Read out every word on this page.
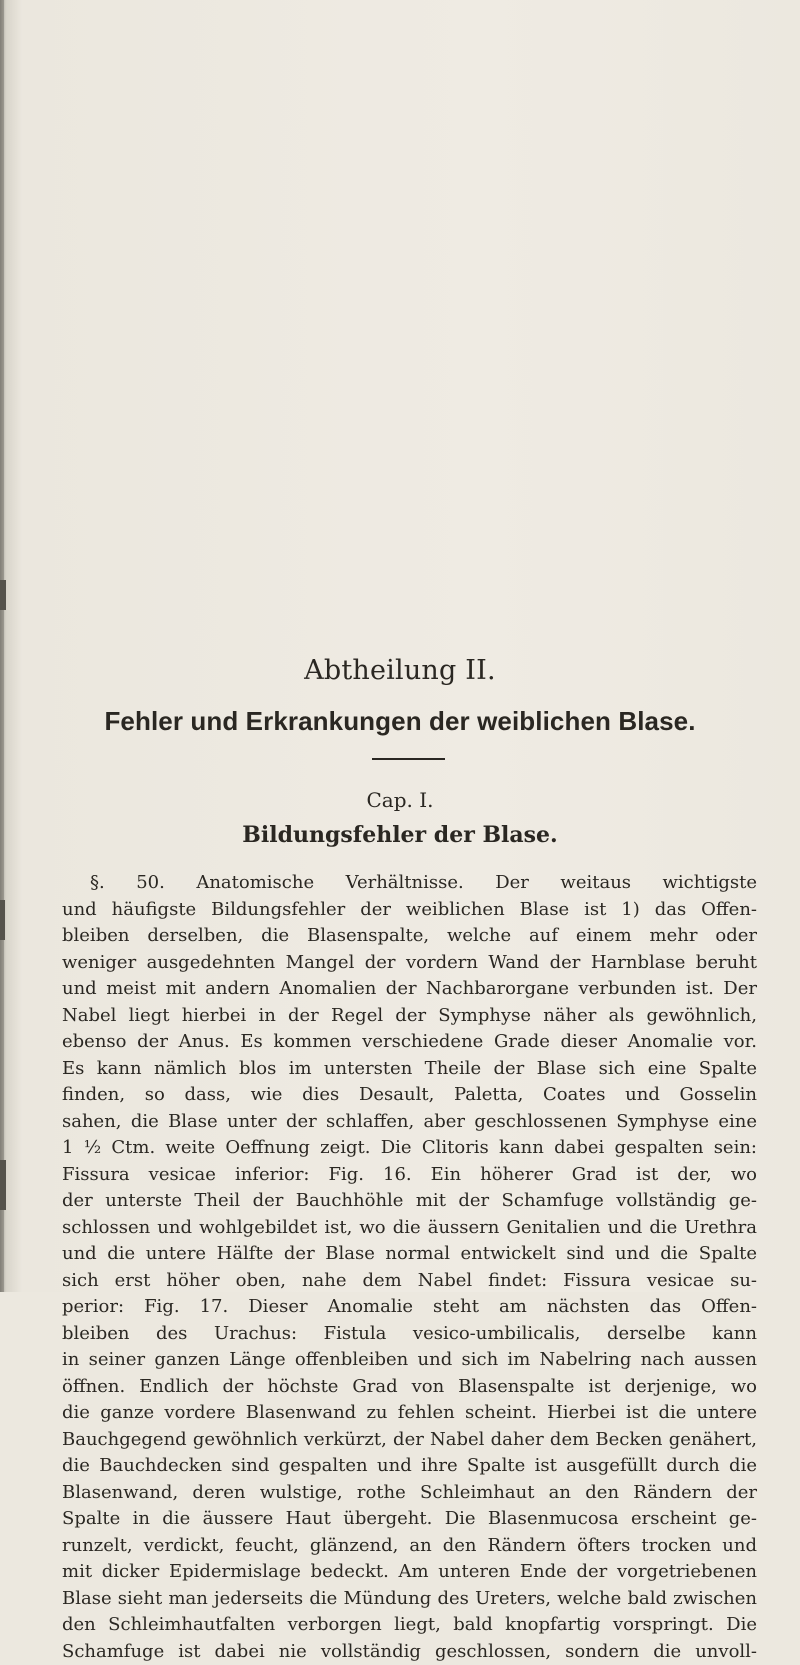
Abtheilung II.
Fehler und Erkrankungen der weiblichen Blase.
Cap. I.
Bildungsfehler der Blase.
§. 50. Anatomische Verhältnisse. Der weitaus wichtigste
und häufigste Bildungsfehler der weiblichen Blase ist 1) das Offen-
bleiben derselben, die Blasenspalte, welche auf einem mehr oder
weniger ausgedehnten Mangel der vordern Wand der Harnblase beruht
und meist mit andern Anomalien der Nachbarorgane verbunden ist. Der
Nabel liegt hierbei in der Regel der Symphyse näher als gewöhnlich,
ebenso der Anus. Es kommen verschiedene Grade dieser Anomalie vor.
Es kann nämlich blos im untersten Theile der Blase sich eine Spalte
finden, so dass, wie dies Desault, Paletta, Coates und Gosselin
sahen, die Blase unter der schlaffen, aber geschlossenen Symphyse eine
1 ½ Ctm. weite Oeffnung zeigt. Die Clitoris kann dabei gespalten sein:
Fissura vesicae inferior: Fig. 16. Ein höherer Grad ist der, wo
der unterste Theil der Bauchhöhle mit der Schamfuge vollständig ge-
schlossen und wohlgebildet ist, wo die äussern Genitalien und die Urethra
und die untere Hälfte der Blase normal entwickelt sind und die Spalte
sich erst höher oben, nahe dem Nabel findet: Fissura vesicae su-
perior: Fig. 17. Dieser Anomalie steht am nächsten das Offen-
bleiben des Urachus: Fistula vesico-umbilicalis, derselbe kann
in seiner ganzen Länge offenbleiben und sich im Nabelring nach aussen
öffnen. Endlich der höchste Grad von Blasenspalte ist derjenige, wo
die ganze vordere Blasenwand zu fehlen scheint. Hierbei ist die untere
Bauchgegend gewöhnlich verkürzt, der Nabel daher dem Becken genähert,
die Bauchdecken sind gespalten und ihre Spalte ist ausgefüllt durch die
Blasenwand, deren wulstige, rothe Schleimhaut an den Rändern der
Spalte in die äussere Haut übergeht. Die Blasenmucosa erscheint ge-
runzelt, verdickt, feucht, glänzend, an den Rändern öfters trocken und
mit dicker Epidermislage bedeckt. Am unteren Ende der vorgetriebenen
Blase sieht man jederseits die Mündung des Ureters, welche bald zwischen
den Schleimhautfalten verborgen liegt, bald knopfartig vorspringt. Die
Schamfuge ist dabei nie vollständig geschlossen, sondern die unvoll-
